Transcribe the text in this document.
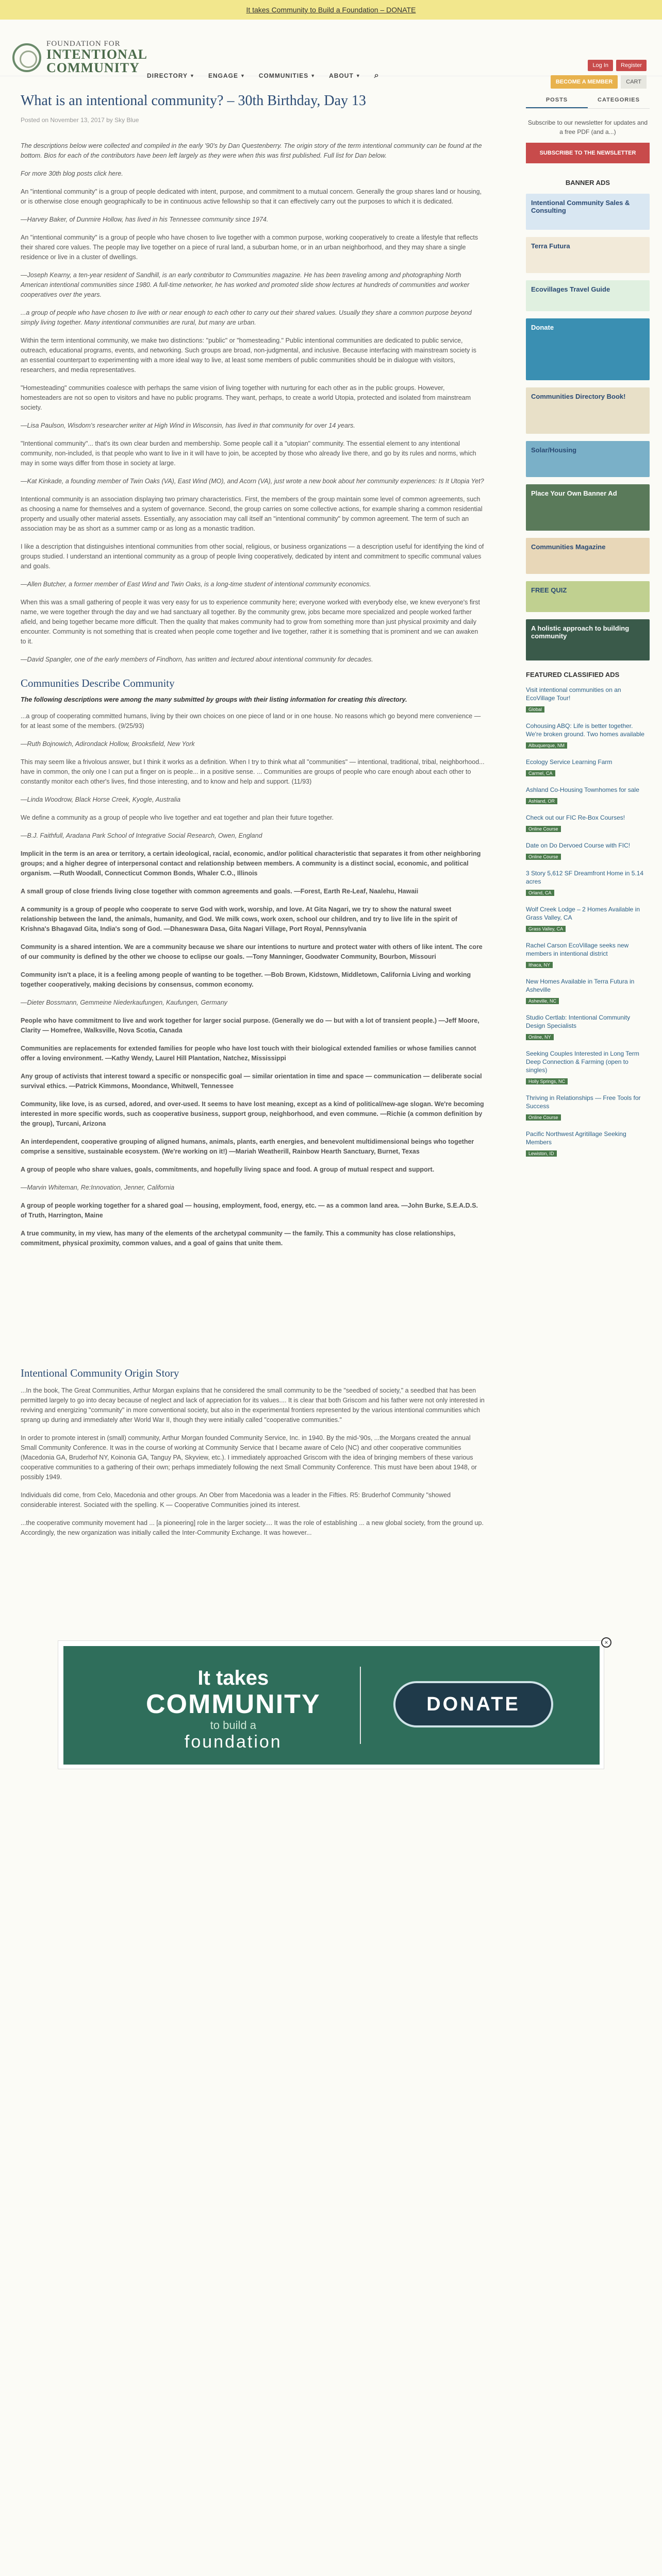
It takes Community to Build a Foundation – DONATE
FOUNDATION FOR
INTENTIONAL
COMMUNITY
DIRECTORY ▼ ENGAGE ▼ COMMUNITIES ▼ ABOUT ▼ ⌕
Log In	Register
BECOME A MEMBER	CART
What is an intentional community? – 30th Birthday, Day 13
Posted on November 13, 2017 by Sky Blue

The descriptions below were collected and compiled in the early '90's by Dan Questenberry. The origin story of the term intentional community can be found at the bottom. Bios for each of the contributors have been left largely as they were when this was first published. Full list for Dan below.

For more 30th blog posts click here.

An "intentional community" is a group of people dedicated with intent, purpose, and commitment to a mutual concern. Generally the group shares land or housing, or is otherwise close enough geographically to be in continuous active fellowship so that it can effectively carry out the purposes to which it is dedicated.

—Harvey Baker, of Dunmire Hollow, has lived in his Tennessee community since 1974.

An "intentional community" is a group of people who have chosen to live together with a common purpose, working cooperatively to create a lifestyle that reflects their shared core values. The people may live together on a piece of rural land, a suburban home, or in an urban neighborhood, and they may share a single residence or live in a cluster of dwellings.

—Joseph Kearny, a ten-year resident of Sandhill, is an early contributor to Communities magazine. He has been traveling among and photographing North American intentional communities since 1980. A full-time networker, he has worked and promoted slide show lectures at hundreds of communities and worker cooperatives over the years.

...a group of people who have chosen to live with or near enough to each other to carry out their shared values. Usually they share a common purpose beyond simply living together. Many intentional communities are rural, but many are urban.

Within the term intentional community, we make two distinctions: "public" or "homesteading." Public intentional communities are dedicated to public service, outreach, educational programs, events, and networking. Such groups are broad, non-judgmental, and inclusive. Because interfacing with mainstream society is an essential counterpart to experimenting with a more ideal way to live, at least some members of public communities should be in dialogue with visitors, researchers, and media representatives.

"Homesteading" communities coalesce with perhaps the same vision of living together with nurturing for each other as in the public groups. However, homesteaders are not so open to visitors and have no public programs. They want, perhaps, to create a world Utopia, protected and isolated from mainstream society.

—Lisa Paulson, Wisdom's researcher writer at High Wind in Wisconsin, has lived in that community for over 14 years.

"Intentional community"... that's its own clear burden and membership. Some people call it a "utopian" community. The essential element to any intentional community, non-included, is that people who want to live in it will have to join, be accepted by those who already live there, and go by its rules and norms, which may in some ways differ from those in society at large.

—Kat Kinkade, a founding member of Twin Oaks (VA), East Wind (MO), and Acorn (VA), just wrote a new book about her community experiences: Is It Utopia Yet?

Intentional community is an association displaying two primary characteristics. First, the members of the group maintain some level of common agreements, such as choosing a name for themselves and a system of governance. Second, the group carries on some collective actions, for example sharing a common residential property and usually other material assets. Essentially, any association may call itself an "intentional community" by common agreement. The term of such an association may be as short as a summer camp or as long as a monastic tradition.

I like a description that distinguishes intentional communities from other social, religious, or business organizations — a description useful for identifying the kind of groups studied. I understand an intentional community as a group of people living cooperatively, dedicated by intent and commitment to specific communal values and goals.

—Allen Butcher, a former member of East Wind and Twin Oaks, is a long-time student of intentional community economics.

When this was a small gathering of people it was very easy for us to experience community here; everyone worked with everybody else, we knew everyone's first name, we were together through the day and we had sanctuary all together. By the community grew, jobs became more specialized and people worked farther afield, and being together became more difficult. Then the quality that makes community had to grow from something more than just physical proximity and daily encounter. Community is not something that is created when people come together and live together, rather it is something that is prominent and we can awaken to it.

—David Spangler, one of the early members of Findhorn, has written and lectured about intentional community for decades.

Communities Describe Community

The following descriptions were among the many submitted by groups with their listing information for creating this directory.

...a group of cooperating committed humans, living by their own choices on one piece of land or in one house. No reasons which go beyond mere convenience — for at least some of the members. (9/25/93)

—Ruth Bojnowich, Adirondack Hollow, Brooksfield, New York

This may seem like a frivolous answer, but I think it works as a definition. When I try to think what all "communities" — intentional, traditional, tribal, neighborhood... have in common, the only one I can put a finger on is people... in a positive sense. ... Communities are groups of people who care enough about each other to constantly monitor each other's lives, find those interesting, and to know and help and support. (11/93)

—Linda Woodrow, Black Horse Creek, Kyogle, Australia

We define a community as a group of people who live together and eat together and plan their future together.

—B.J. Faithfull, Aradana Park School of Integrative Social Research, Owen, England

Implicit in the term is an area or territory, a certain ideological, racial, economic, and/or political characteristic that separates it from other neighboring groups; and a higher degree of interpersonal contact and relationship between members. A community is a distinct social, economic, and political organism. —Ruth Woodall, Connecticut Common Bonds, Whaler C.O., Illinois

A small group of close friends living close together with common agreements and goals. —Forest, Earth Re-Leaf, Naalehu, Hawaii

A community is a group of people who cooperate to serve God with work, worship, and love. At Gita Nagari, we try to show the natural sweet relationship between the land, the animals, humanity, and God. We milk cows, work oxen, school our children, and try to live life in the spirit of Krishna's Bhagavad Gita, India's song of God. —Dhaneswara Dasa, Gita Nagari Village, Port Royal, Pennsylvania

Community is a shared intention. We are a community because we share our intentions to nurture and protect water with others of like intent. The core of our community is defined by the other we choose to eclipse our goals. —Tony Manninger, Goodwater Community, Bourbon, Missouri

Community isn't a place, it is a feeling among people of wanting to be together. —Bob Brown, Kidstown, Middletown, California Living and working together cooperatively, making decisions by consensus, common economy.

—Dieter Bossmann, Gemmeine Niederkaufungen, Kaufungen, Germany

People who have commitment to live and work together for larger social purpose. (Generally we do — but with a lot of transient people.) —Jeff Moore, Clarity — Homefree, Walksville, Nova Scotia, Canada

Communities are replacements for extended families for people who have lost touch with their biological extended families or whose families cannot offer a loving environment. —Kathy Wendy, Laurel Hill Plantation, Natchez, Mississippi

Any group of activists that interest toward a specific or nonspecific goal — similar orientation in time and space — communication — deliberate social survival ethics. —Patrick Kimmons, Moondance, Whitwell, Tennessee

Community, like love, is as cursed, adored, and over-used. It seems to have lost meaning, except as a kind of political/new-age slogan. We're becoming interested in more specific words, such as cooperative business, support group, neighborhood, and even commune. —Richie (a common definition by the group), Turcani, Arizona

An interdependent, cooperative grouping of aligned humans, animals, plants, earth energies, and benevolent multidimensional beings who together comprise a sensitive, sustainable ecosystem. (We're working on it!) —Mariah Weatherill, Rainbow Hearth Sanctuary, Burnet, Texas

A group of people who share values, goals, commitments, and hopefully living space and food. A group of mutual respect and support.

—Marvin Whiteman, Re:Innovation, Jenner, California

A group of people working together for a shared goal — housing, employment, food, energy, etc. — as a common land area. —John Burke, S.E.A.D.S. of Truth, Harrington, Maine

A true community, in my view, has many of the elements of the archetypal community — the family. This a community has close relationships, commitment, physical proximity, common values, and a goal of gains that unite them.

Intentional Community Origin Story

...In the book, The Great Communities, Arthur Morgan explains that he considered the small community to be the "seedbed of society," a seedbed that has been permitted largely to go into decay because of neglect and lack of appreciation for its values.... It is clear that both Griscom and his father were not only interested in reviving and energizing "community" in more conventional society, but also in the experimental frontiers represented by the various intentional communities which sprang up during and immediately after World War II, though they were initially called "cooperative communities."

In order to promote interest in (small) community, Arthur Morgan founded Community Service, Inc. in 1940. By the mid-'90s, ...the Morgans created the annual Small Community Conference. It was in the course of working at Community Service that I became aware of Celo (NC) and other cooperative communities (Macedonia GA, Bruderhof NY, Koinonia GA, Tanguy PA, Skyview, etc.). I immediately approached Griscom with the idea of bringing members of these various cooperative communities to a gathering of their own; perhaps immediately following the next Small Community Conference. This must have been about 1948, or possibly 1949.

Individuals did come, from Celo, Macedonia and other groups. An Ober from Macedonia was a leader in the Fifties. R5: Bruderhof Community "showed considerable interest. Sociated with the spelling. K — Cooperative Communities joined its interest.

...the cooperative community movement had ... [a pioneering] role in the larger society.... It was the role of establishing ... a new global society, from the ground up. Accordingly, the new organization was initially called the Inter-Community Exchange. It was however...

POSTS	CATEGORIES
Subscribe to our newsletter for updates and a free PDF (and a...)
SUBSCRIBE TO THE NEWSLETTER
BANNER ADS
Intentional Community Sales & Consulting
Terra Futura
Ecovillages Travel Guide
Donate
Communities Directory Book!
Solar/Housing
Place Your Own Banner Ad
Communities Magazine
FREE QUIZ
A holistic approach to building community
FEATURED CLASSIFIED ADS
Visit intentional communities on an EcoVillage Tour!
Global
Cohousing ABQ: Life is better together. We're broken ground. Two homes available
Albuquerque, NM
Ecology Service Learning Farm
Carmel, CA
Ashland Co-Housing Townhomes for sale
Ashland, OR
Check out our FIC Re-Box Courses!
Online Course
Date on Do Dervoed Course with FIC!
Online Course
3 Story 5,612 SF Dreamfront Home in 5.14 acres
Orland, CA
Wolf Creek Lodge – 2 Homes Available in Grass Valley, CA
Grass Valley, CA
Rachel Carson EcoVillage seeks new members in intentional district
Ithaca, NY
New Homes Available in Terra Futura in Asheville
Asheville, NC
Studio Certlab: Intentional Community Design Specialists
Online, NY
Seeking Couples Interested in Long Term Deep Connection & Farming (open to singles)
Holly Springs, NC
Thriving in Relationships — Free Tools for Success
Online Course
Pacific Northwest Agritillage Seeking Members
Lewiston, ID
It takes
COMMUNITY
to build a
foundation
DONATE
×
